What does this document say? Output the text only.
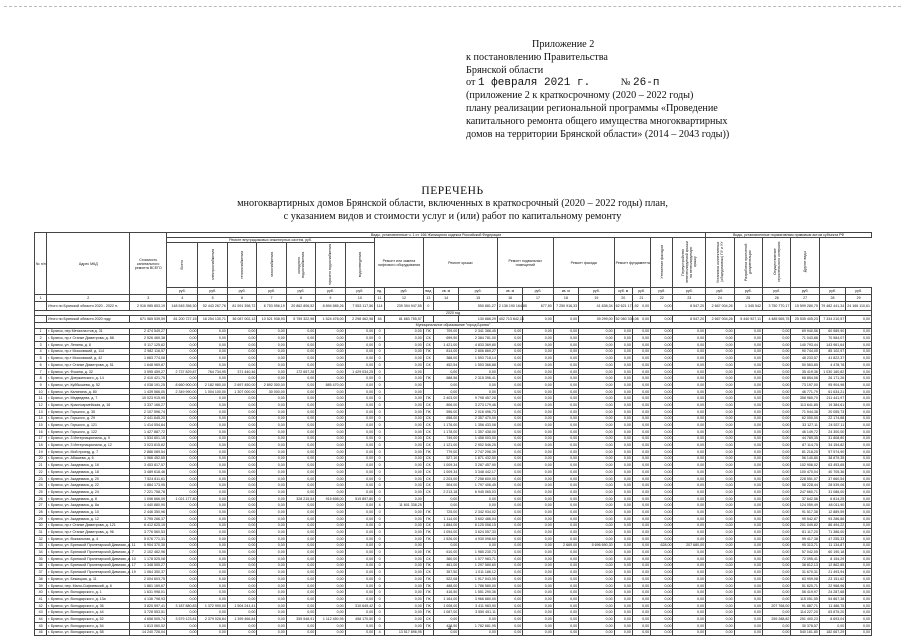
Приложение 2
к постановлению Правительства
Брянской области
от 1 февраля 2021 г.	№ 26-п
(приложение 2 к краткосрочному (2020 – 2022 годы)
плану реализации региональной программы «Проведение
капитального ремонта общего имущества многоквартирных
домов на территории Брянской области» (2014 – 2043 годы))
ПЕРЕЧЕНЬ
многоквартирных домов Брянской области, включенных в краткосрочный (2020 – 2022 годы) план,
с указанием видов и стоимости услуг и (или) работ по капитальному ремонту
№ п/п	Адрес МКД	Стоимость капитального ремонта ВСЕГО	Виды, установленные ч. 1 ст. 166 Жилищного кодекса Российской Федерации																				Виды, установленные нормативным правовым актом субъекта РФ					
			Ремонт внутридомовых инженерных систем, руб.							Ремонт или замена лифтового оборудования		Ремонт крыши			Ремонт подвальных помещений		Ремонт фасада		Ремонт фундамента		Утепление фасадов	Переустройство невентилируемой крыши на вентилируемую крышу	Установка коллективных (общедомовых) ПУ и УУ	Разработка проектной документации	Осуществление строительного контроля	Другие виды		
			Всего	электроснабжения	теплоснабжения	газоснабжения	холодного водоснабжения	горячего водоснабжения	водоотведения																			
			руб.	руб.	руб.	руб.	руб.	руб.	руб.	ед.	руб.	вид	кв. м	руб.	кв. м	руб.	кв. м	руб.	куб. м	руб.	руб.	руб.	руб.	руб.	руб.	руб.	руб.	руб.
1	2	3	4	5	6	7	8	9	10	11	12	13	14	15	16	17	18	19	20	21	22	23	24	25	26	27	28	29
	Итого по Брянской области 2020 - 2022 гг.	2 916 985 853,19	148 545 356,30	52 443 267,76	81 591 398,72	6 753 956,19	20 862 806,52	8 894 585,26	7 553 117,56	114	239 394 947,55	0		550 881,27	2 136 190 164,85	677,50	7 250 916,33	41 638,34	62 621 171,92	0,00	0,00	8 547,20	2 667 004,26	1 345 542	3 750 770,17	15 599 280,75	79 482 441,34	24 166 110,61
2020 год																												
	Итого по Брянской области 2020 году	671 565 539,59	81 200 727,15	16 254 130,71	36 087 002,12	10 521 938,93	5 759 322,96	1 524 478,00	2 298 462,98	54	81 683 755,57			130 886,29	402 713 842,18	0,00	0,00	39 299,00	52 060 336,08	0,00	0,00	8 547,20	2 667 004,26	5 440 927,11	4 485 565,75	25 535 405,23	7 334 210,57	0,00
Муниципальное образование "город Брянск"																												
1	г. Брянск, пер Металлистов д. 31	2 474 549,27	0,00	0,00	0,00	0,00	0,00	0,00	0,00	0	0,00	ПК	709,00	2 341 386,45	0,00	0,00	0,00	0,00	0,00	0,00	0,00	0,00	0,00	0,00	0,00	69 940,56	60 589,90	0,00
2	г. Брянск, пр-т Станке Димитрова, д. 88	2 526 469,38	0,00	0,00	0,00	0,00	0,00	0,00	0,00	0	0,00	СК	699,50	2 384 781,00	0,00	0,00	0,00	0,00	0,00	0,00	0,00	0,00	0,00	0,00	0,00	71 043,88	70 584,07	0,00
3	г. Брянск, ул. Ленина, д. 8	5 117 125,82	0,00	0,00	0,00	0,00	0,00	0,00	0,00	0	0,00	СК	1 421,00	4 833 369,80	0,00	0,00	0,00	0,00	0,00	0,00	0,00	0,00	0,00	0,00	0,00	140 793,44	143 961,64	0,00
4	г. Брянск, пр-т Московский, д. 114	2 982 116,57	0,00	0,00	0,00	0,00	0,00	0,00	0,00	0	0,00	ПК	814,00	2 806 869,27	0,00	0,00	0,00	0,00	0,00	0,00	0,00	0,00	0,00	0,00	0,00	90 744,05	85 102,97	0,00
5	г. Брянск, пр-т Московский, д. 42	1 683 774,08	0,00	0,00	0,00	0,00	0,00	0,00	0,00	0	0,00	СК	388,00	1 593 718,14	0,00	0,00	0,00	0,00	0,00	0,00	0,00	0,00	0,00	0,00	0,00	48 233,57	41 822,37	0,00
6	г. Брянск, пр-т Станке Димитрова, д. 51	1 648 969,87	0,00	0,00	0,00	0,00	0,00	0,00	0,00	0	0,00	СК	452,54	1 553 366,88	0,00	0,00	0,00	0,00	0,00	0,00	0,00	0,00	0,00	0,00	0,00	50 563,85	4 478,78	0,00
7	г. Брянск, ул. Фокина, д. 32	3 595 459,27	2 737 829,87	764 734,95	371 440,46	0,00	172 657,28	0,00	1 429 034,25	0	0,00		0,00	0,00	0,00	0,00	0,00	0,00	0,00	0,00	0,00	0,00	0,00	0,00	0,00	35 419,36	1 030 160,82	0,00
8	г. Брянск, ул. Дзержинского, д. 14	2 410 421,75	0,00	0,00	0,00	0,00	0,00	0,00	0,00	0	0,00	ПК	688,56	2 315 396,41	0,00	0,00	0,00	0,00	0,00	0,00	0,00	0,00	0,00	0,00	0,00	68 854,08	26 171,26	0,00
9	г. Брянск, ул. Куйбышева, д. 52	4 038 191,25	8 660 900,00	2 182 980,00	2 697 450,00	2 892 300,00	0,00	885 470,00	0,00	0	0,00		0,00	0,00	0,00	0,00	0,00	0,00	0,00	0,00	0,00	0,00	0,00	0,00	0,00	73 197,00	95 904,98	0,00
10	г. Брянск, ул. Калинина, д. 80	1 439 566,00	2 349 990,00	1 004 100,00	1 307 000,00	30 000,00	0,00	0,00	0,00	0	0,00		0,00	0,00	0,00	0,00	0,00	0,00	0,00	0,00	0,00	0,00	0,00	0,00	0,00	46 771,79	61 634,21	0,00
11	г. Брянск, ул. Медведева, д. 7	10 023 915,95	0,00	0,00	0,00	0,00	0,00	0,00	0,00	0	0,00	ПК	2 403,00	9 798 457,28	0,00	0,00	0,00	0,00	0,00	0,00	0,00	0,00	0,00	0,00	0,00	358 965,70	211 441,97	0,00
12	г. Брянск, ул. Красноармейская, д. 16	3 337 166,27	0,00	0,00	0,00	0,00	0,00	0,00	0,00	0	0,00	СК	806,00	3 273 179,46	0,00	0,00	0,00	0,00	0,00	0,00	0,00	0,00	0,00	0,00	0,00	113 641,85	19 384,61	0,00
13	г. Брянск, ул. Горького, д. 35	2 107 596,74	0,00	0,00	0,00	0,00	0,00	0,00	0,00	0	0,00	ПК	596,00	2 016 496,73	0,00	0,00	0,00	0,00	0,00	0,00	0,00	0,00	0,00	0,00	0,00	71 044,38	20 055,73	0,00
14	г. Брянск, ул. Горького, д. 29	2 441 645,20	0,00	0,00	0,00	0,00	0,00	0,00	0,00	0	0,00	СК	658,00	2 357 470,00	0,00	0,00	0,00	0,00	0,00	0,00	0,00	0,00	0,00	0,00	0,00	62 000,00	22 174,88	0,00
15	г. Брянск, ул. Горького, д. 121	1 414 054,84	0,00	0,00	0,00	0,00	0,00	0,00	0,00	0	0,00	СК	1 176,00	1 356 433,08	0,00	0,00	0,00	0,00	0,00	0,00	0,00	0,00	0,00	0,00	0,00	33 127,11	24 537,11	0,00
16	г. Брянск, ул. Горького, д. 122	1 427 887,72	0,00	0,00	0,00	0,00	0,00	0,00	0,00	0	0,00	СК	1 178,00	1 357 438,00	0,00	0,00	0,00	0,00	0,00	0,00	0,00	0,00	0,00	0,00	0,00	46 149,72	24 300,00	0,00
17	г. Брянск, ул. 3 Интернационала, д. 9	1 534 601,15	0,00	0,00	0,00	0,00	0,00	0,00	0,00	0	0,00	СК	749,00	1 458 003,00	0,00	0,00	0,00	0,00	0,00	0,00	0,00	0,00	0,00	0,00	0,00	44 789,35	31 808,80	0,00
18	г. Брянск, ул. 3 Интернационала, д. 12	3 023 815,82	0,00	0,00	0,00	0,00	0,00	0,00	0,00	0	0,00	СК	1 121,00	2 902 546,25	0,00	0,00	0,00	0,00	0,00	0,00	0,00	0,00	0,00	0,00	0,00	87 114,75	34 154,82	0,00
19	г. Брянск, ул. Мой проезд, д. 7	2 886 089,54	0,00	0,00	0,00	0,00	0,00	0,00	0,00	0	0,00	ПК	779,00	2 747 296,39	0,00	0,00	0,00	0,00	0,00	0,00	0,00	0,00	0,00	0,00	0,00	81 218,25	57 574,90	0,00
20	г. Брянск, ул. Абашева, д. 6	1 966 452,65	0,00	0,00	0,00	0,00	0,00	0,00	0,00	0	0,00	СК	527,10	1 871 432,50	0,00	0,00	0,00	0,00	0,00	0,00	0,00	0,00	0,00	0,00	0,00	56 140,80	38 879,35	0,00
21	г. Брянск, ул. Академика, д. 16	3 453 817,57	0,00	0,00	0,00	0,00	0,00	0,00	0,00	0	0,00	СК	1 009,34	3 287 457,90	0,00	0,00	0,00	0,00	0,00	0,00	0,00	0,00	0,00	0,00	0,00	102 906,02	63 453,65	0,00
22	г. Брянск, ул. Академика, д. 18	3 489 618,46	0,00	0,00	0,00	0,00	0,00	0,00	0,00	0	0,00	СК	1 009,34	3 348 442,17	0,00	0,00	0,00	0,00	0,00	0,00	0,00	0,00	0,00	0,00	0,00	100 470,04	40 705,36	0,00
23	г. Брянск, ул. Академика, д. 20	7 524 811,61	0,00	0,00	0,00	0,00	0,00	0,00	0,00	0	0,00	СК	2 203,00	7 258 600,00	0,00	0,00	0,00	0,00	0,00	0,00	0,00	0,00	0,00	0,00	0,00	228 551,07	37 660,54	0,00
24	г. Брянск, ул. Академика, д. 22	1 884 173,95	0,00	0,00	0,00	0,00	0,00	0,00	0,00	0	0,00	СК	504,00	1 797 406,45	0,00	0,00	0,00	0,00	0,00	0,00	0,00	0,00	0,00	0,00	0,00	58 228,44	28 539,06	0,00
25	г. Брянск, ул. Академика, д. 24	7 221 758,78	0,00	0,00	0,00	0,00	0,00	0,00	0,00	0	0,00	СК	2 213,18	6 945 065,03	0,00	0,00	0,00	0,00	0,00	0,00	0,00	0,00	0,00	0,00	0,00	247 660,71	31 086,00	0,00
26	г. Брянск, ул. Академика, д. 8	1 096 666,09	1 021 177,80	0,00	0,00	0,00	328 215,54	915 698,00	519 897,80	0	0,00		0,00	0,00	0,00	0,00	0,00	0,00	0,00	0,00	0,00	0,00	0,00	0,00	0,00	37 642,56	6 814,25	0,00
27	г. Брянск, ул. Академика, д. 8а	1 440 880,90	0,00	0,00	0,00	0,00	0,00	0,00	0,00	4	11 601 338,25		0,00	0,00	0,00	0,00	0,00	0,00	0,00	0,00	0,00	0,00	0,00	0,00	0,00	124 059,49	48 011,90	0,00
28	г. Брянск, ул. Академика, д. 10	2 446 350,96	0,00	0,00	0,00	0,00	0,00	0,00	0,00	0	0,00	ПК	725,00	2 342 934,02	0,00	0,00	0,00	0,00	0,00	0,00	0,00	0,00	0,00	0,00	0,00	91 517,38	12 889,59	0,00
29	г. Брянск, ул. Академика, д. 12	3 795 266,37	0,00	0,00	0,00	0,00	0,00	0,00	0,00	0	0,00	ПК	1 114,00	3 602 486,04	0,00	0,00	0,00	0,00	0,00	0,00	0,00	0,00	0,00	0,00	0,00	99 542,87	93 286,86	0,00
30	г. Брянск, пр-т Станке Димитрова, д. 121	6 412 625,19	0,00	0,00	0,00	0,00	0,00	0,00	0,00	0	0,00	СК	1 884,00	6 125 058,15	0,00	0,00	0,00	0,00	0,00	0,00	0,00	0,00	0,00	0,00	0,00	201 049,82	86 494,22	0,00
31	г. Брянск, пр-т Станке Димитрова, д. 96	3 776 560,53	0,00	0,00	0,00	0,00	0,00	0,00	0,00	0	0,00	ПК	1 094,00	3 624 057,33	0,00	0,00	0,00	0,00	0,00	0,00	0,00	0,00	0,00	0,00	0,00	81 117,20	71 386,00	0,00
32	г. Брянск, ул. Вокзальная, д. 4	5 076 771,31	0,00	0,00	0,00	0,00	0,00	0,00	0,00	0	0,00	ПК	1 526,00	4 930 098,60	0,00	0,00	0,00	0,00	0,00	0,00	0,00	0,00	0,00	0,00	0,00	99 417,38	47 255,33	0,00
33	г. Брянск, ул. Брянской Пролетарской Дивизии, д. 11	5 904 370,30	0,00	0,00	0,00	0,00	0,00	0,00	0,00	0	0,00		0,00	0,00	0,00	0,00	2 669,00	5 696 690,30	0,00	0,00	628,00	207 680,00	0,00	0,00	0,00	95 313,71	11 134,87	0,00
34	г. Брянск, ул. Брянской Пролетарской Дивизии, д. 7	2 102 462,96	0,00	0,00	0,00	0,00	0,00	0,00	0,00	0	0,00	ПК	610,00	1 985 230,73	0,00	0,00	0,00	0,00	0,00	0,00	0,00	0,00	0,00	0,00	0,00	57 042,05	60 190,18	0,00
35	г. Брянск, ул. Брянской Пролетарской Дивизии, д. 10	1 178 525,08	0,00	0,00	0,00	0,00	0,00	0,00	0,00	0	0,00	СК	360,00	1 077 983,71	0,00	0,00	0,00	0,00	0,00	0,00	0,00	0,00	0,00	0,00	0,00	72 095,41	8 154,29	0,00
36	г. Брянск, ул. Брянской Пролетарской Дивизии, д. 17	1 348 555,27	0,00	0,00	0,00	0,00	0,00	0,00	0,00	0	0,00	ПК	461,00	1 297 580,60	0,00	0,00	0,00	0,00	0,00	0,00	0,00	0,00	0,00	0,00	0,00	38 812,13	12 862,85	0,00
37	г. Брянск, ул. Брянской Пролетарской Дивизии, д. 19	1 064 350,37	0,00	0,00	0,00	0,00	0,00	0,00	0,00	0	0,00	СК	357,50	1 011 186,12	0,00	0,00	0,00	0,00	0,00	0,00	0,00	0,00	0,00	0,00	0,00	31 670,31	21 493,94	0,00
38	г. Брянск, ул. Бежицкая, д. 11	2 004 603,75	0,00	0,00	0,00	0,00	0,00	0,00	0,00	0	0,00	ПК	522,08	1 917 543,05	0,00	0,00	0,00	0,00	0,00	0,00	0,00	0,00	0,00	0,00	0,00	63 909,08	23 151,62	0,00
39	г. Брянск, пер. Мало-Софиевский, д. 6	1 861 169,67	0,00	0,00	0,00	0,00	0,00	0,00	0,00	0	0,00	ПК	488,00	1 786 580,00	0,00	0,00	0,00	0,00	0,00	0,00	0,00	0,00	0,00	0,00	0,00	51 620,71	22 968,96	0,00
40	г. Брянск, ул. Володарского, д. 1	1 631 998,01	0,00	0,00	0,00	0,00	0,00	0,00	0,00	0	0,00	ПК	416,50	1 551 290,36	0,00	0,00	0,00	0,00	0,00	0,00	0,00	0,00	0,00	0,00	0,00	56 419,97	24 287,68	0,00
41	г. Брянск, ул. Володарского, д. 13а	4 136 798,93	0,00	0,00	0,00	0,00	0,00	0,00	0,00	0	0,00	ПК	1 164,00	3 966 880,00	0,00	0,00	0,00	0,00	0,00	0,00	0,00	0,00	0,00	0,00	0,00	115 051,55	54 867,38	0,00
42	г. Брянск, ул. Володарского, д. 36	3 820 997,41	3 187 880,83	1 372 990,00	1 504 241,41	0,00	0,00	0,00	310 649,42	0	0,00	ПК	1 008,00	3 411 983,90	0,00	0,00	0,00	0,00	0,00	0,00	0,00	0,00	0,00	0,00	207 768,00	91 887,71	11 486,75	0,00
43	г. Брянск, ул. Володарского, д. 44	3 728 553,51	0,00	0,00	0,00	0,00	0,00	0,00	0,00	0	0,00	ПК	1 087,00	3 550 451,11	0,00	0,00	0,00	0,00	0,00	0,00	0,00	0,00	0,00	0,00	0,00	114 227,20	63 875,20	0,00
44	г. Брянск, ул. Володарского, д. 52	4 658 505,74	3 579 123,81	2 379 028,84	1 399 466,84	0,00	355 548,91	1 112 450,95	458 170,50	0	0,00	СК	0,00	0,00	0,00	0,00	0,00	0,00	0,00	0,00	0,00	0,00	0,00	0,00	259 288,82	251 400,23	8 693,04	0,00
45	г. Брянск, ул. Володарского, д. 54	1 813 060,52	0,00	0,00	0,00	0,00	0,00	0,00	0,00	0	0,00	ПК	428,50	1 782 681,95	0,00	0,00	0,00	0,00	0,00	0,00	0,00	0,00	0,00	0,00	0,00	30 378,57	0,00	0,00
46	г. Брянск, ул. Володарского, д. 58	14 240 726,04	0,00	0,00	0,00	0,00	0,00	0,00	0,00	4	13 517 896,95		0,00	0,00	0,00	0,00	0,00	0,00	0,00	0,00	0,00	0,00	0,00	0,00	0,00	540 161,80	182 667,29	0,00
4
